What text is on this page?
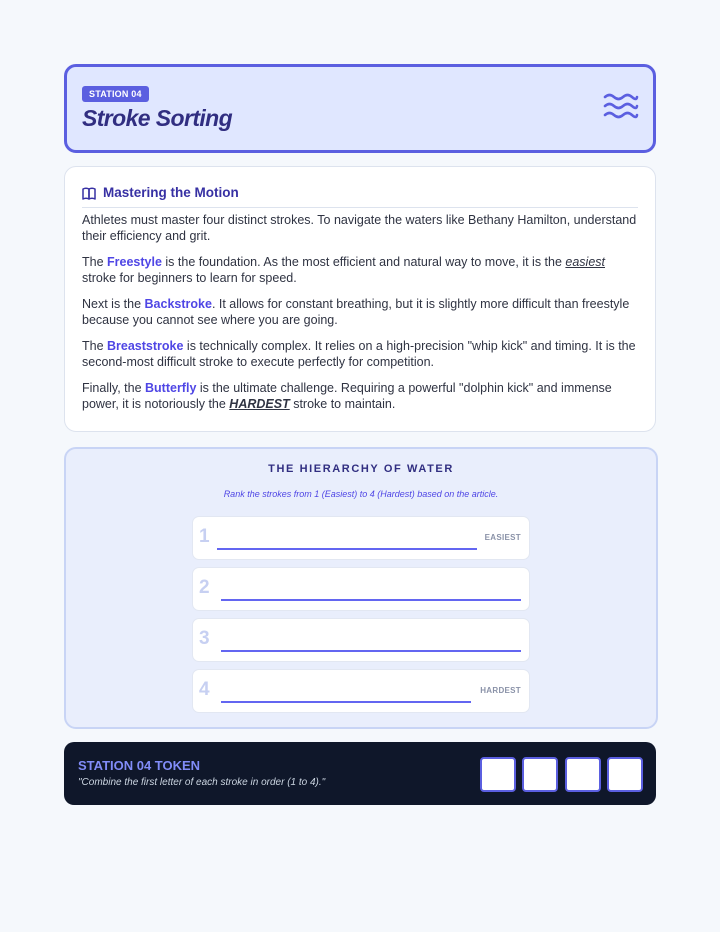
STATION 04
Stroke Sorting
Mastering the Motion

Athletes must master four distinct strokes. To navigate the waters like Bethany Hamilton, understand their efficiency and grit.

The Freestyle is the foundation. As the most efficient and natural way to move, it is the easiest stroke for beginners to learn for speed.

Next is the Backstroke. It allows for constant breathing, but it is slightly more difficult than freestyle because you cannot see where you are going.

The Breaststroke is technically complex. It relies on a high-precision "whip kick" and timing. It is the second-most difficult stroke to execute perfectly for competition.

Finally, the Butterfly is the ultimate challenge. Requiring a powerful "dolphin kick" and immense power, it is notoriously the HARDEST stroke to maintain.

THE HIERARCHY OF WATER
Rank the strokes from 1 (Easiest) to 4 (Hardest) based on the article.
1	EASIEST
2
3
4	HARDEST
STATION 04 TOKEN
"Combine the first letter of each stroke in order (1 to 4)."
